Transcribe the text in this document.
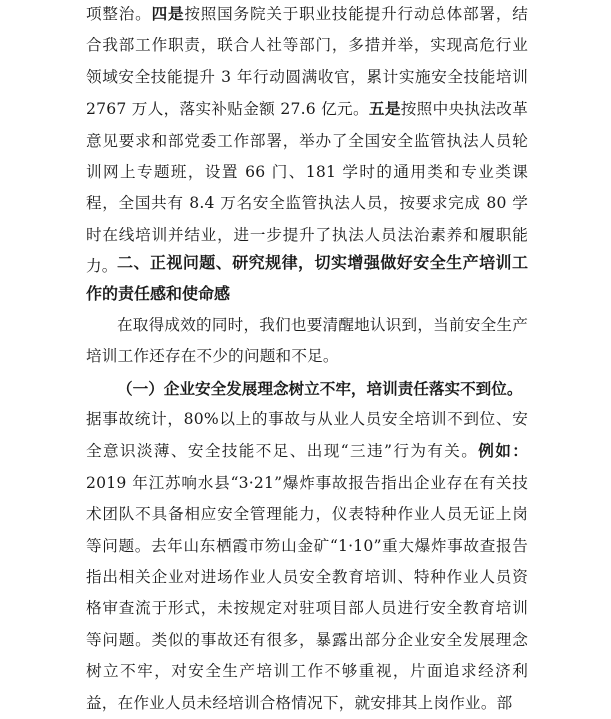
项整治。四是按照国务院关于职业技能提升行动总体部署，结合我部工作职责，联合人社等部门，多措并举，实现高危行业领域安全技能提升 3 年行动圆满收官，累计实施安全技能培训 2767 万人，落实补贴金额 27.6 亿元。五是按照中央执法改革意见要求和部党委工作部署，举办了全国安全监管执法人员轮训网上专题班，设置 66 门、181 学时的通用类和专业类课程，全国共有 8.4 万名安全监管执法人员，按要求完成 80 学时在线培训并结业，进一步提升了执法人员法治素养和履职能力。 二、正视问题、研究规律，切实增强做好安全生产培训工作的责任感和使命感

在取得成效的同时，我们也要清醒地认识到，当前安全生产培训工作还存在不少的问题和不足。

（一）企业安全发展理念树立不牢，培训责任落实不到位。

据事故统计，80%以上的事故与从业人员安全培训不到位、安全意识淡薄、安全技能不足、出现“三违”行为有关。例如：2019 年江苏响水县“3·21”爆炸事故报告指出企业存在有关技术团队不具备相应安全管理能力，仪表特种作业人员无证上岗等问题。去年山东栖霞市笏山金矿“1·10”重大爆炸事故查报告指出相关企业对进场作业人员安全教育培训、特种作业人员资格审查流于形式，未按规定对驻项目部人员进行安全教育培训等问题。类似的事故还有很多，暴露出部分企业安全发展理念树立不牢，对安全生产培训工作不够重视，片面追求经济利益，在作业人员未经培训合格情况下，就安排其上岗作业。部
